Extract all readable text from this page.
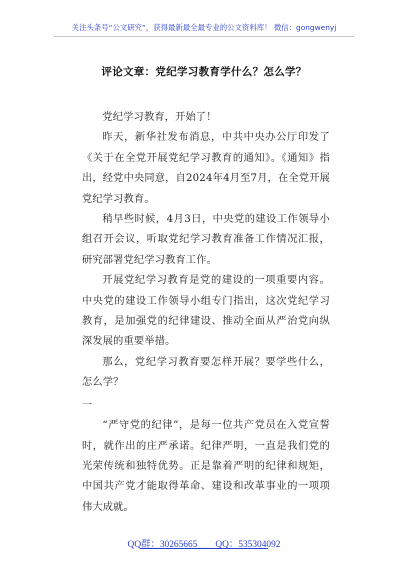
关注头条号“公文研究”，获得最新最全最专业的公文资料库！ 微信：gongwenyj
评论文章：党纪学习教育学什么？怎么学？

党纪学习教育，开始了！

昨天，新华社发布消息，中共中央办公厅印发了《关于在全党开展党纪学习教育的通知》。《通知》指出，经党中央同意，自2024年4月至7月，在全党开展党纪学习教育。

稍早些时候，4月3日，中央党的建设工作领导小组召开会议，听取党纪学习教育准备工作情况汇报，研究部署党纪学习教育工作。

开展党纪学习教育是党的建设的一项重要内容。中央党的建设工作领导小组专门指出，这次党纪学习教育，是加强党的纪律建设、推动全面从严治党向纵深发展的重要举措。

那么，党纪学习教育要怎样开展？要学些什么，怎么学？

一

“严守党的纪律”，是每一位共产党员在入党宣誓时，就作出的庄严承诺。纪律严明，一直是我们党的光荣传统和独特优势。正是靠着严明的纪律和规矩，中国共产党才能取得革命、建设和改革事业的一项项伟大成就。

QQ群：30265665 QQ：535304092
